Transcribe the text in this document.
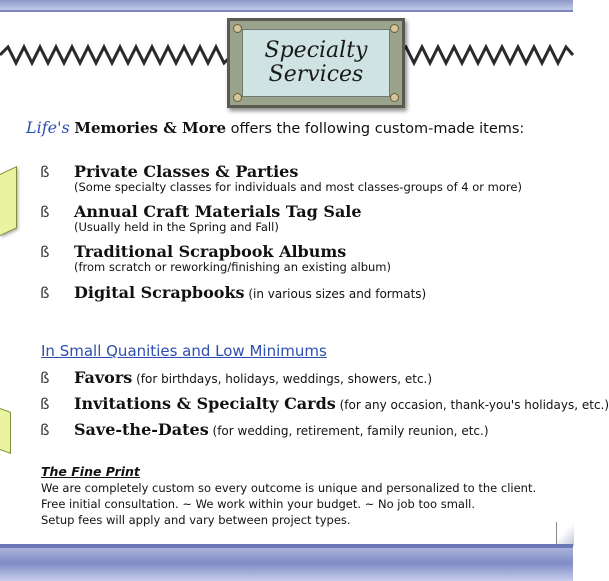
Specialty
Services
Life's Memories & More offers the following custom-made items:
ß Private Classes & Parties
(Some specialty classes for individuals and most classes-groups of 4 or more)
ß Annual Craft Materials Tag Sale
(Usually held in the Spring and Fall)
ß Traditional Scrapbook Albums
(from scratch or reworking/finishing an existing album)
ß Digital Scrapbooks (in various sizes and formats)
In Small Quanities and Low Minimums
ß Favors (for birthdays, holidays, weddings, showers, etc.)
ß Invitations & Specialty Cards (for any occasion, thank-you's holidays, etc.)
ß Save-the-Dates (for wedding, retirement, family reunion, etc.)
The Fine Print
We are completely custom so every outcome is unique and personalized to the client.
Free initial consultation. ~ We work within your budget. ~ No job too small.
Setup fees will apply and vary between project types.
